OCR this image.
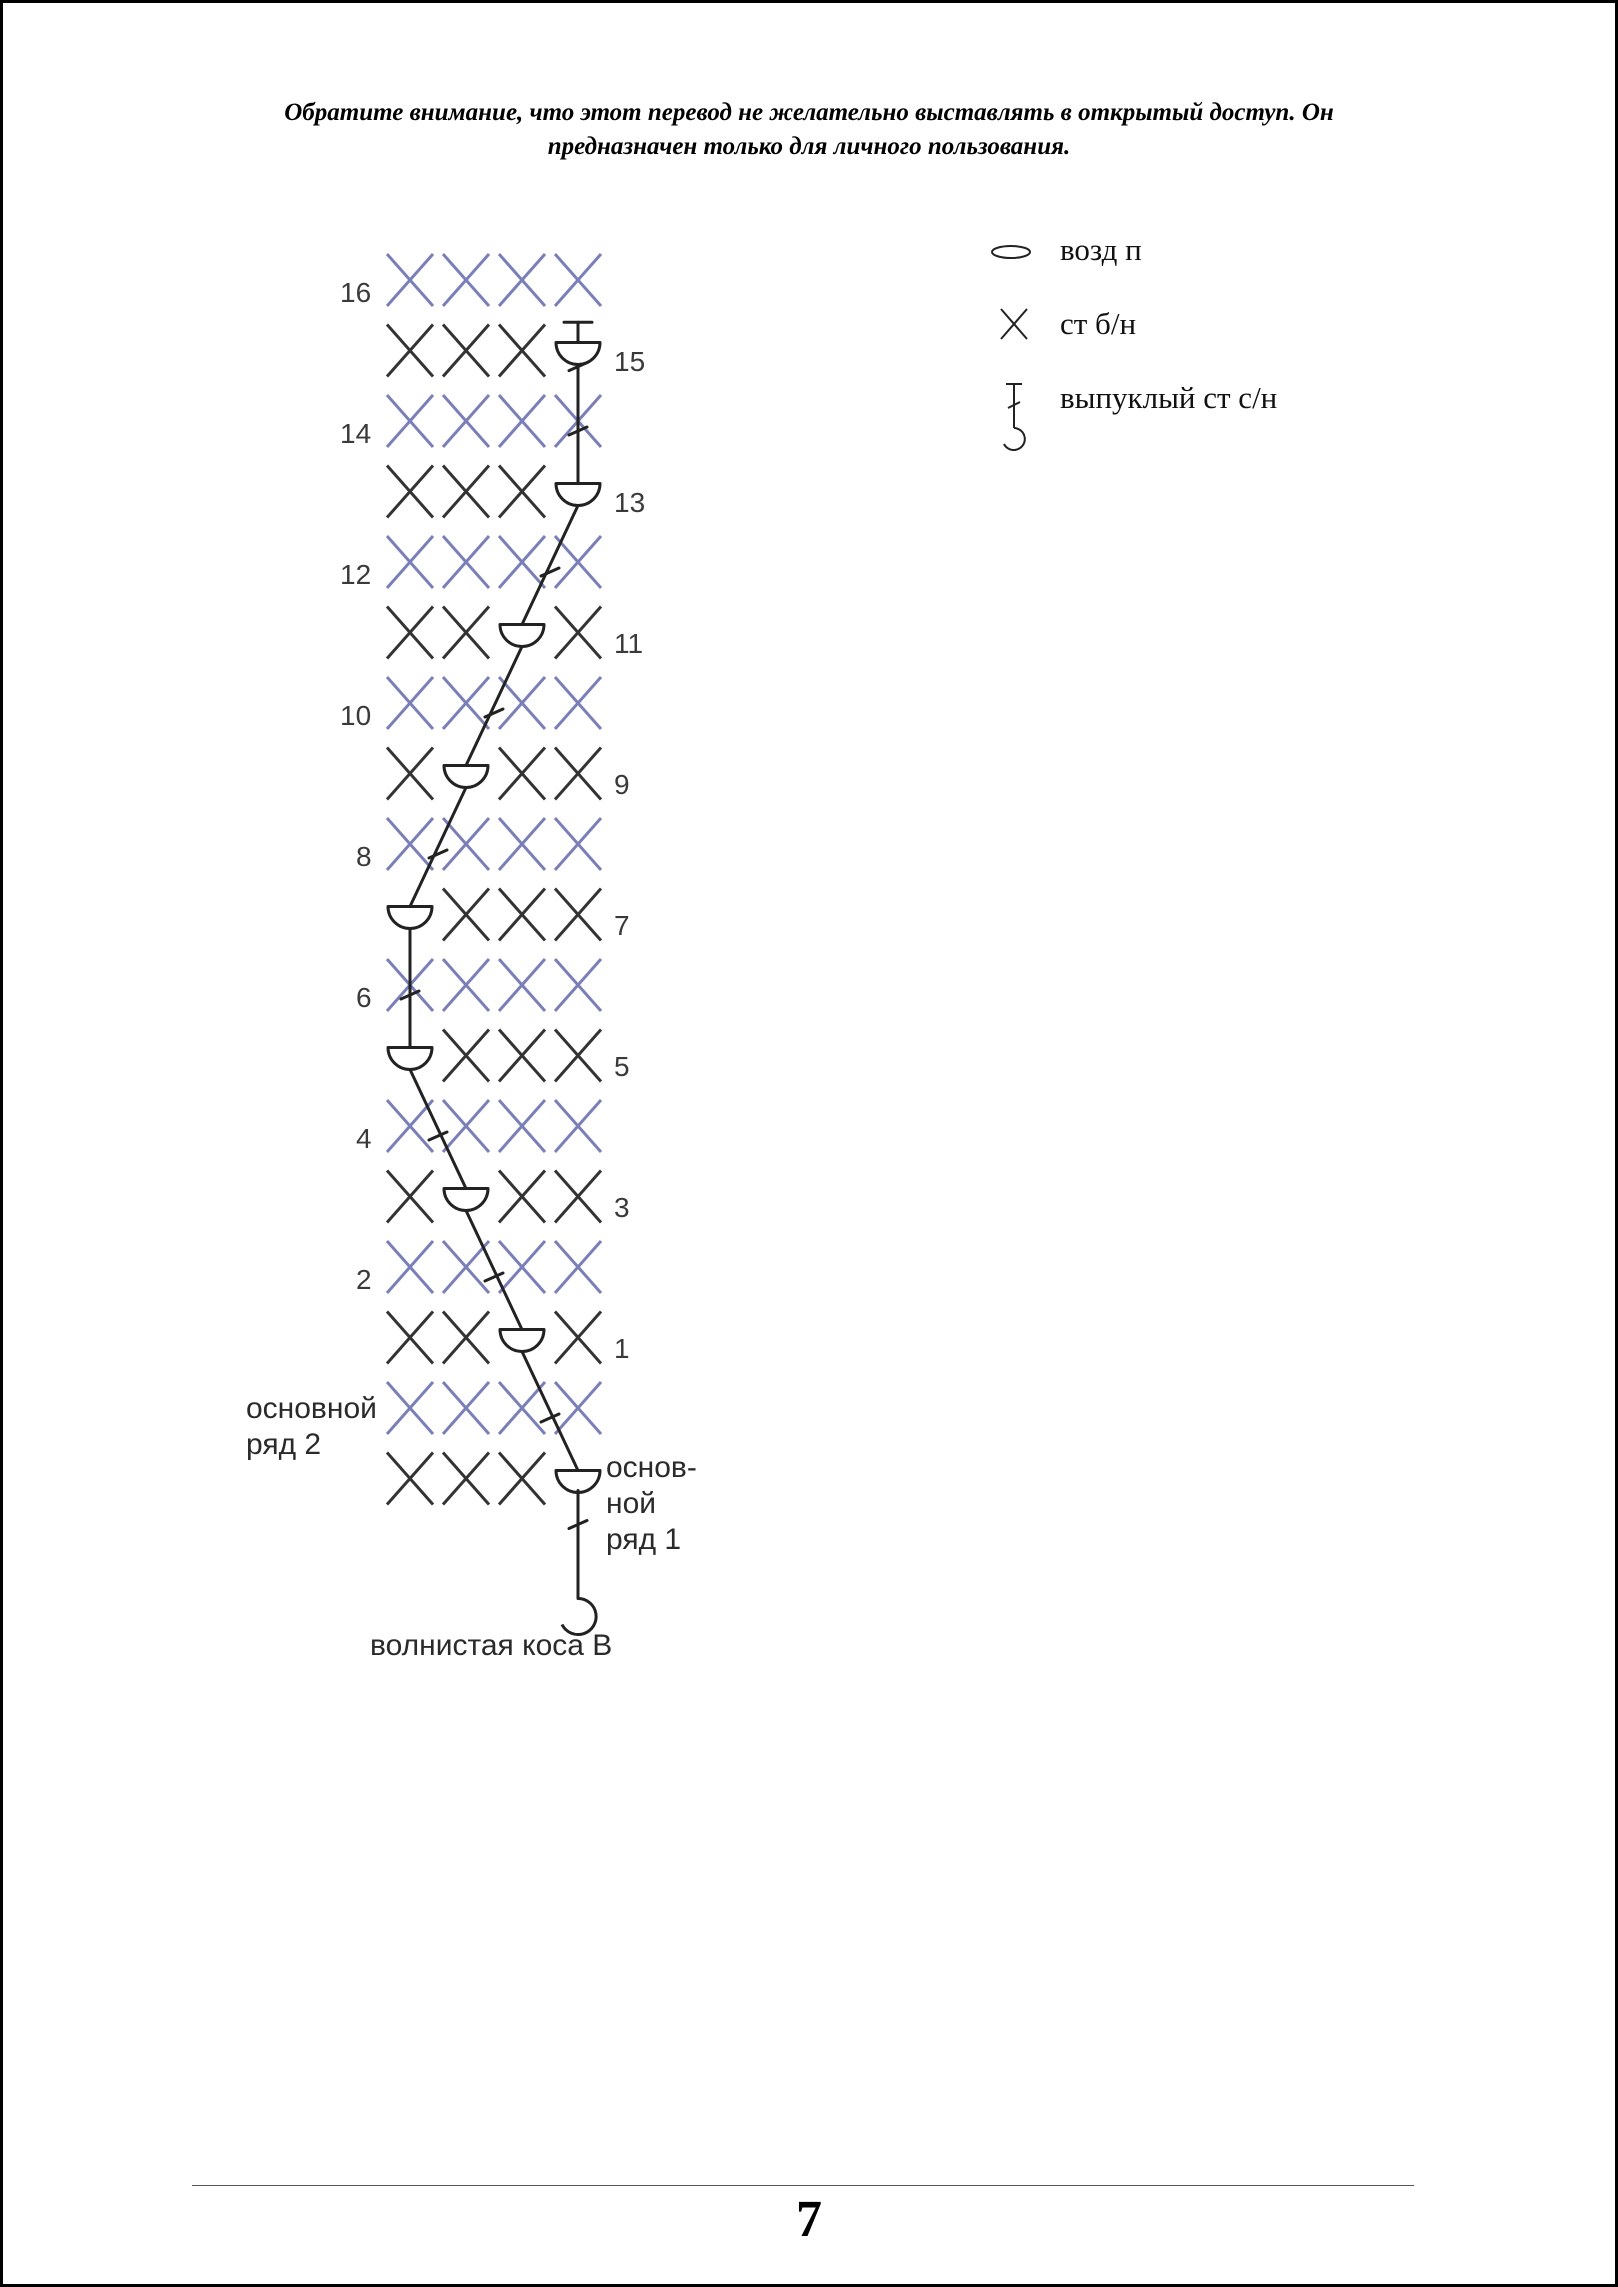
Обратите внимание, что этот перевод не желательно выставлять в открытый доступ. Он
предназначен только для личного пользования.
16
14
12
10
8
6
4
2
15
13
11
9
7
5
3
1
основной
ряд 2
основ-
ной
ряд 1
волнистая коса В
возд п
ст б/н
выпуклый ст с/н
7
